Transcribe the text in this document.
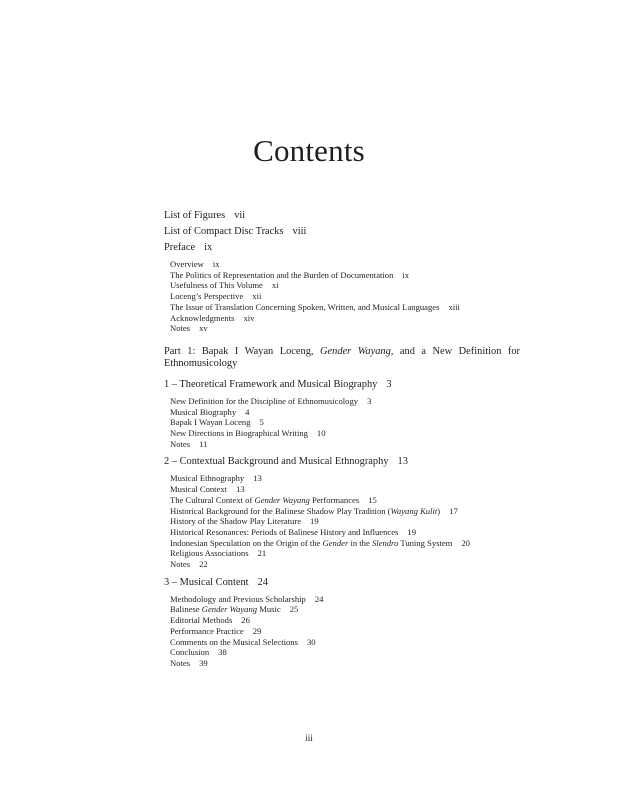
Contents
List of Figures vii
List of Compact Disc Tracks viii
Preface ix
Overview ix
The Politics of Representation and the Burden of Documentation ix
Usefulness of This Volume xi
Loceng’s Perspective xii
The Issue of Translation Concerning Spoken, Written, and Musical Languages xiii
Acknowledgments xiv
Notes xv
Part 1: Bapak I Wayan Loceng, Gender Wayang, and a New Definition for Ethnomusicology
1 – Theoretical Framework and Musical Biography 3
New Definition for the Discipline of Ethnomusicology 3
Musical Biography 4
Bapak I Wayan Loceng 5
New Directions in Biographical Writing 10
Notes 11
2 – Contextual Background and Musical Ethnography 13
Musical Ethnography 13
Musical Context 13
The Cultural Context of Gender Wayang Performances 15
Historical Background for the Balinese Shadow Play Tradition (Wayang Kulit) 17
History of the Shadow Play Literature 19
Historical Resonances: Periods of Balinese History and Influences 19
Indonesian Speculation on the Origin of the Gender in the Slendro Tuning System 20
Religious Associations 21
Notes 22
3 – Musical Content 24
Methodology and Previous Scholarship 24
Balinese Gender Wayang Music 25
Editorial Methods 26
Performance Practice 29
Comments on the Musical Selections 30
Conclusion 38
Notes 39
iii
